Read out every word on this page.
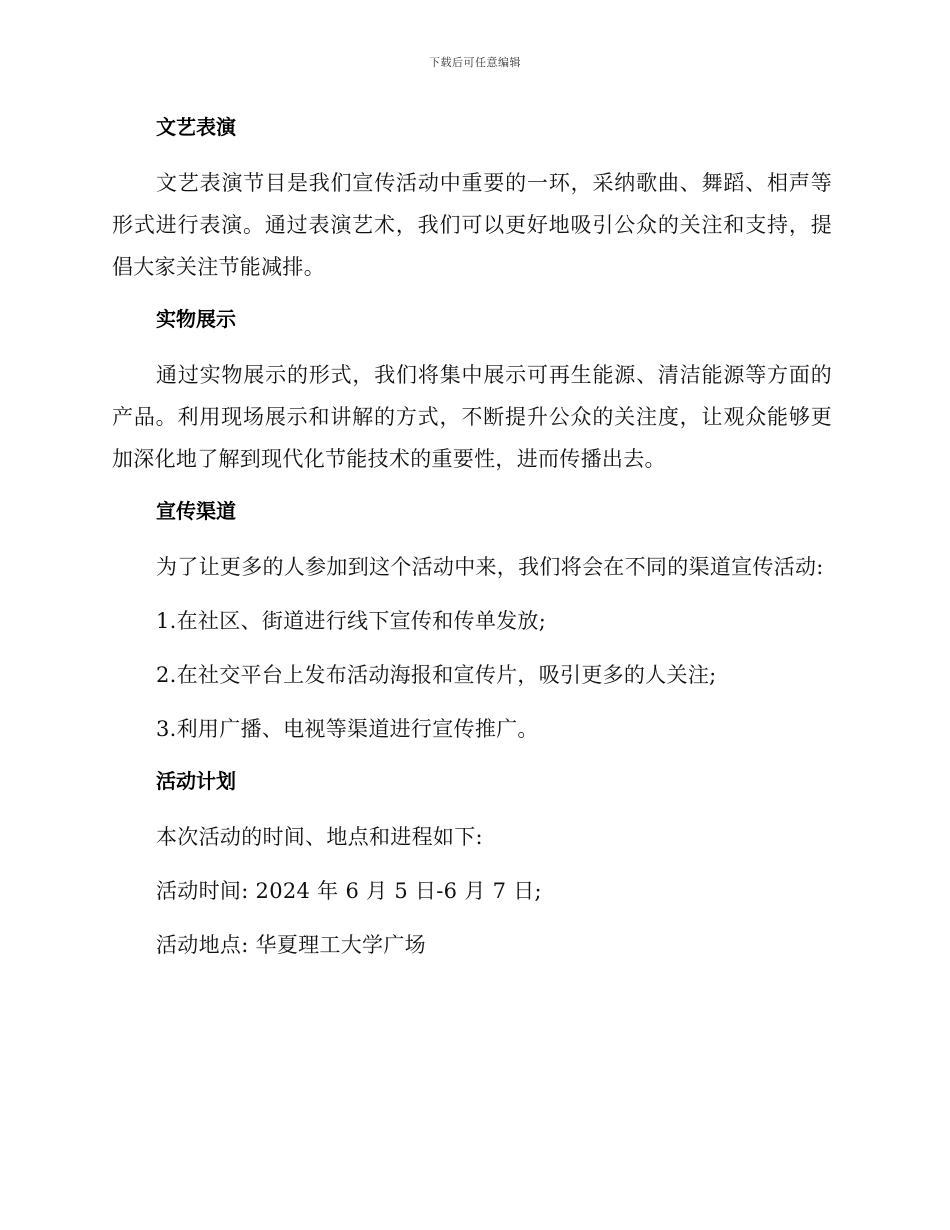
下载后可任意编辑
文艺表演

文艺表演节目是我们宣传活动中重要的一环，采纳歌曲、舞蹈、相声等形式进行表演。通过表演艺术，我们可以更好地吸引公众的关注和支持，提倡大家关注节能减排。

实物展示

通过实物展示的形式，我们将集中展示可再生能源、清洁能源等方面的产品。利用现场展示和讲解的方式，不断提升公众的关注度，让观众能够更加深化地了解到现代化节能技术的重要性，进而传播出去。

宣传渠道

为了让更多的人参加到这个活动中来，我们将会在不同的渠道宣传活动:

1.在社区、街道进行线下宣传和传单发放;
2.在社交平台上发布活动海报和宣传片，吸引更多的人关注;
3.利用广播、电视等渠道进行宣传推广。
活动计划
本次活动的时间、地点和进程如下:
活动时间: 2024 年 6 月 5 日-6 月 7 日;
活动地点: 华夏理工大学广场
